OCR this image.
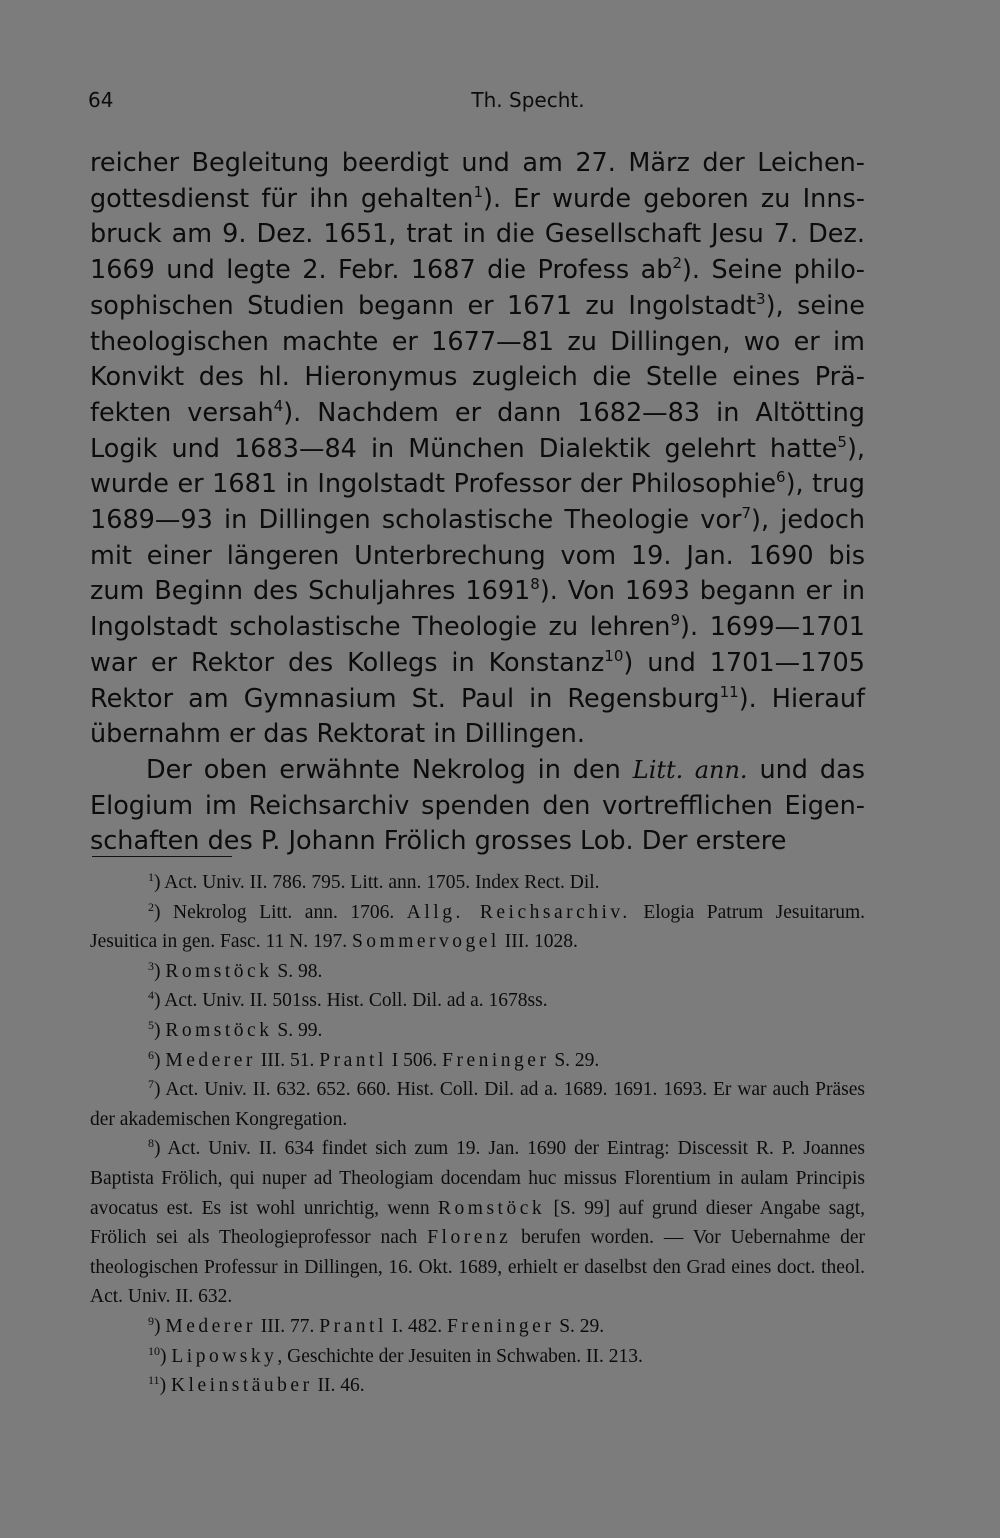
64	Th. Specht.

reicher Begleitung beerdigt und am 27. März der Leichengottesdienst für ihn gehalten$^1$). Er wurde geboren zu Innsbruck am 9. Dez. 1651, trat in die Gesellschaft Jesu 7. Dez. 1669 und legte 2. Febr. 1687 die Profess $ab^2$). Seine philosophischen Studien begann er 1671 zu Ingolstadt$^3$), seine theologischen machte er 1677—81 zu Dillingen, wo er im Konvikt des hl. Hieronymus zugleich die Stelle eines Präfekten versah$^4$). Nachdem er dann 1682—83 in Altötting Logik und 1683—84 in München Dialektik gelehrt hatte$^5$), wurde er 1681 in Ingolstadt Professor der Philosophie$^6$), trug 1689—93 in Dillingen scholastische Theologie vor$^7$), jedoch mit einer längeren Unterbrechung vom 19. Jan. 1690 bis zum Beginn des Schuljahres 1691$^8$). Von 1693 begann er in Ingolstadt scholastische Theologie zu lehren$^9$). 1699—1701 war er Rektor des Kollegs in Konstanz$^{10}$) und 1701—1705 Rektor am Gymnasium St. Paul in Regensburg$^{11}$). Hierauf übernahm er das Rektorat in Dillingen.

Der oben erwähnte Nekrolog in den Litt. ann. und das Elogium im Reichsarchiv spenden den vortrefflichen Eigenschaften des P. Johann Frölich grosses Lob. Der erstere

$^1$) Act. Univ. II. 786. 795. Litt. ann. 1705. Index Rect. Dil.

$^2$) Nekrolog Litt. ann. 1706. Allg. Reichsarchiv. Elogia Patrum Jesuitarum. Jesuitica in gen. Fasc. 11 N. 197. Sommervogel III. 1028.

$^3$) Romstöck S. 98.

$^4$) Act. Univ. II. 501ss. Hist. Coll. Dil. ad a. 1678ss.

$^5$) Romstöck S. 99.

$^6$) Mederer III. 51. Prantl I 506. Freninger S. 29.

$^7$) Act. Univ. II. 632. 652. 660. Hist. Coll. Dil. ad a. 1689. 1691. 1693. Er war auch Präses der akademischen Kongregation.

$^8$) Act. Univ. II. 634 findet sich zum 19. Jan. 1690 der Eintrag: Discessit R. P. Joannes Baptista Frölich, qui nuper ad Theologiam docendam huc missus Florentium in aulam Principis avocatus est. Es ist wohl unrichtig, wenn Romstöck [S. 99] auf grund dieser Angabe sagt, Frölich sei als Theologieprofessor nach Florenz berufen worden. — Vor Uebernahme der theologischen Professur in Dillingen, 16. Okt. 1689, erhielt er daselbst den Grad eines doct. theol. Act. Univ. II. 632.

$^9$) Mederer III. 77. Prantl I. 482. Freninger S. 29.

$^{10}$) Lipowsky, Geschichte der Jesuiten in Schwaben. II. 213.

$^{11}$) Kleinstäuber II. 46.
